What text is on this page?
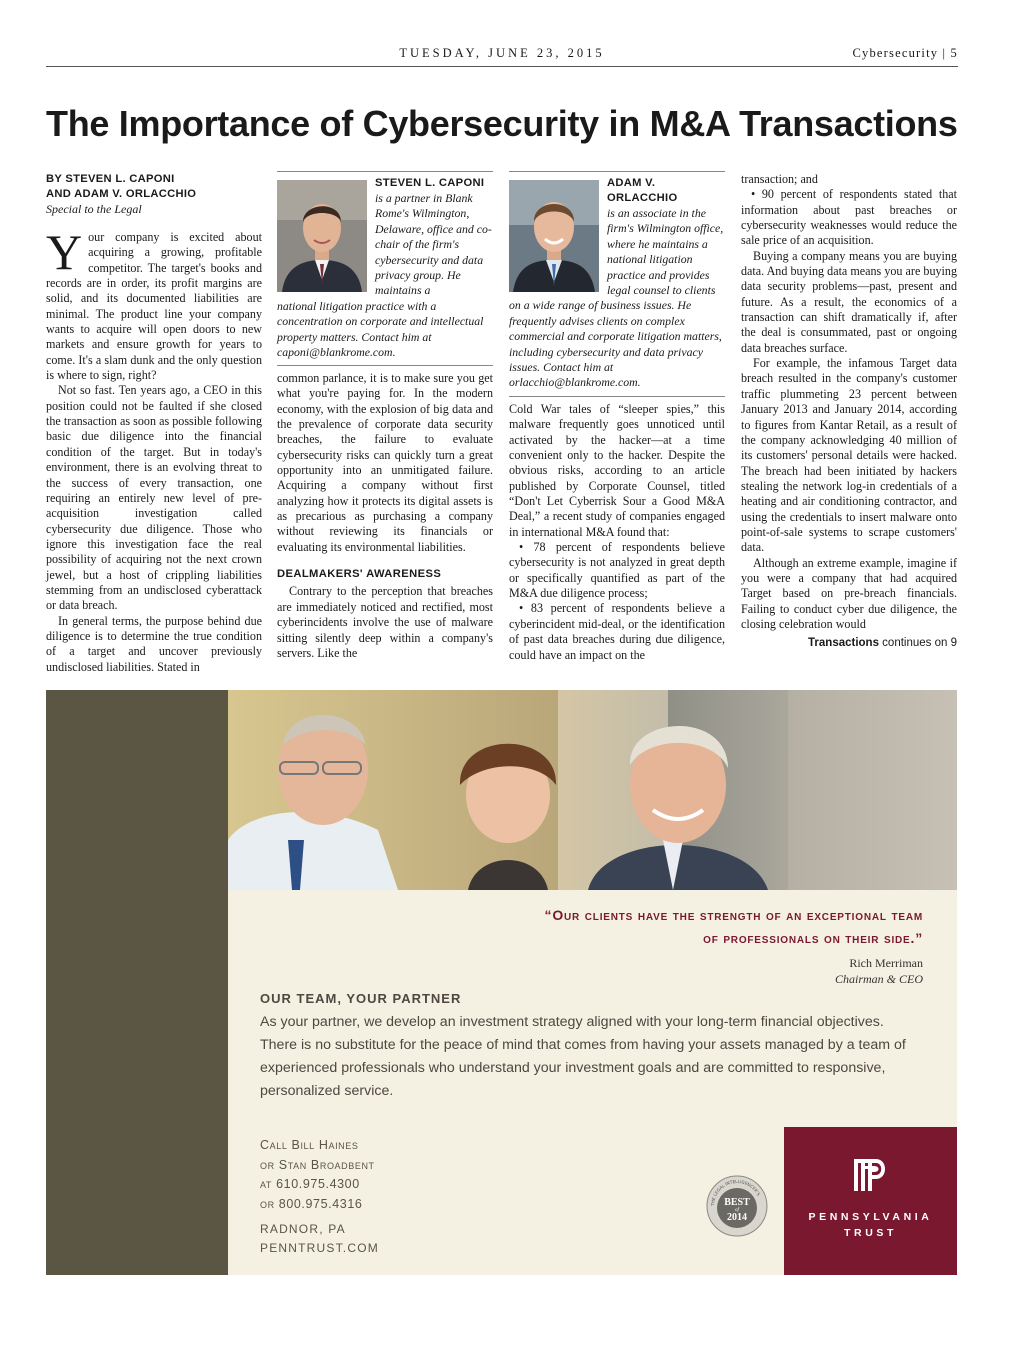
TUESDAY, JUNE 23, 2015	Cybersecurity | 5
The Importance of Cybersecurity in M&A Transactions
BY STEVEN L. CAPONI
AND ADAM V. ORLACCHIO
Special to the Legal

Your company is excited about acquiring a growing, profitable competitor. The target's books and records are in order, its profit margins are solid, and its documented liabilities are minimal. The product line your company wants to acquire will open doors to new markets and ensure growth for years to come. It's a slam dunk and the only question is where to sign, right?

Not so fast. Ten years ago, a CEO in this position could not be faulted if she closed the transaction as soon as possible following basic due diligence into the financial condition of the target. But in today's environment, there is an evolving threat to the success of every transaction, one requiring an entirely new level of pre-acquisition investigation called cybersecurity due diligence. Those who ignore this investigation face the real possibility of acquiring not the next crown jewel, but a host of crippling liabilities stemming from an undisclosed cyberattack or data breach.

In general terms, the purpose behind due diligence is to determine the true condition of a target and uncover previously undisclosed liabilities. Stated in

STEVEN L. CAPONI
is a partner in Blank Rome's Wilmington, Delaware, office and co-chair of the firm's cybersecurity and data privacy group. He maintains a
national litigation practice with a concentration on corporate and intellectual property matters. Contact him at caponi@blankrome.com.

common parlance, it is to make sure you get what you're paying for. In the modern economy, with the explosion of big data and the prevalence of corporate data security breaches, the failure to evaluate cybersecurity risks can quickly turn a great opportunity into an unmitigated failure. Acquiring a company without first analyzing how it protects its digital assets is as precarious as purchasing a company without reviewing its financials or evaluating its environmental liabilities.

DEALMAKERS' AWARENESS

Contrary to the perception that breaches are immediately noticed and rectified, most cyberincidents involve the use of malware sitting silently deep within a company's servers. Like the

ADAM V. ORLACCHIO
is an associate in the firm's Wilmington office, where he maintains a national litigation practice and provides legal counsel to clients
on a wide range of business issues. He frequently advises clients on complex commercial and corporate litigation matters, including cybersecurity and data privacy issues. Contact him at orlacchio@blankrome.com.

Cold War tales of “sleeper spies,” this malware frequently goes unnoticed until activated by the hacker—at a time convenient only to the hacker. Despite the obvious risks, according to an article published by Corporate Counsel, titled “Don't Let Cyberrisk Sour a Good M&A Deal,” a recent study of companies engaged in international M&A found that:

• 78 percent of respondents believe cybersecurity is not analyzed in great depth or specifically quantified as part of the M&A due diligence process;

• 83 percent of respondents believe a cyberincident mid-deal, or the identification of past data breaches during due diligence, could have an impact on the

transaction; and

• 90 percent of respondents stated that information about past breaches or cybersecurity weaknesses would reduce the sale price of an acquisition.

Buying a company means you are buying data. And buying data means you are buying data security problems—past, present and future. As a result, the economics of a transaction can shift dramatically if, after the deal is consummated, past or ongoing data breaches surface.

For example, the infamous Target data breach resulted in the company's customer traffic plummeting 23 percent between January 2013 and January 2014, according to figures from Kantar Retail, as a result of the company acknowledging 40 million of its customers' personal details were hacked. The breach had been initiated by hackers stealing the network log-in credentials of a heating and air conditioning contractor, and using the credentials to insert malware onto point-of-sale systems to scrape customers' data.

Although an extreme example, imagine if you were a company that had acquired Target based on pre-breach financials. Failing to conduct cyber due diligence, the closing celebration would

Transactions continues on 9
“Our clients have the strength of an exceptional team
of professionals on their side.”
Rich Merriman
Chairman & CEO
OUR TEAM, YOUR PARTNER
As your partner, we develop an investment strategy aligned with your long-term financial objectives. There is no substitute for the peace of mind that comes from having your assets managed by a team of experienced professionals who understand your investment goals and are committed to responsive, personalized service.
Call Bill Haines
or Stan Broadbent
at 610.975.4300
or 800.975.4316
RADNOR, PA
PENNTRUST.COM
THE LEGAL INTELLIGENCER'S
BEST
of
2014	PENNSYLVANIA
TRUST
